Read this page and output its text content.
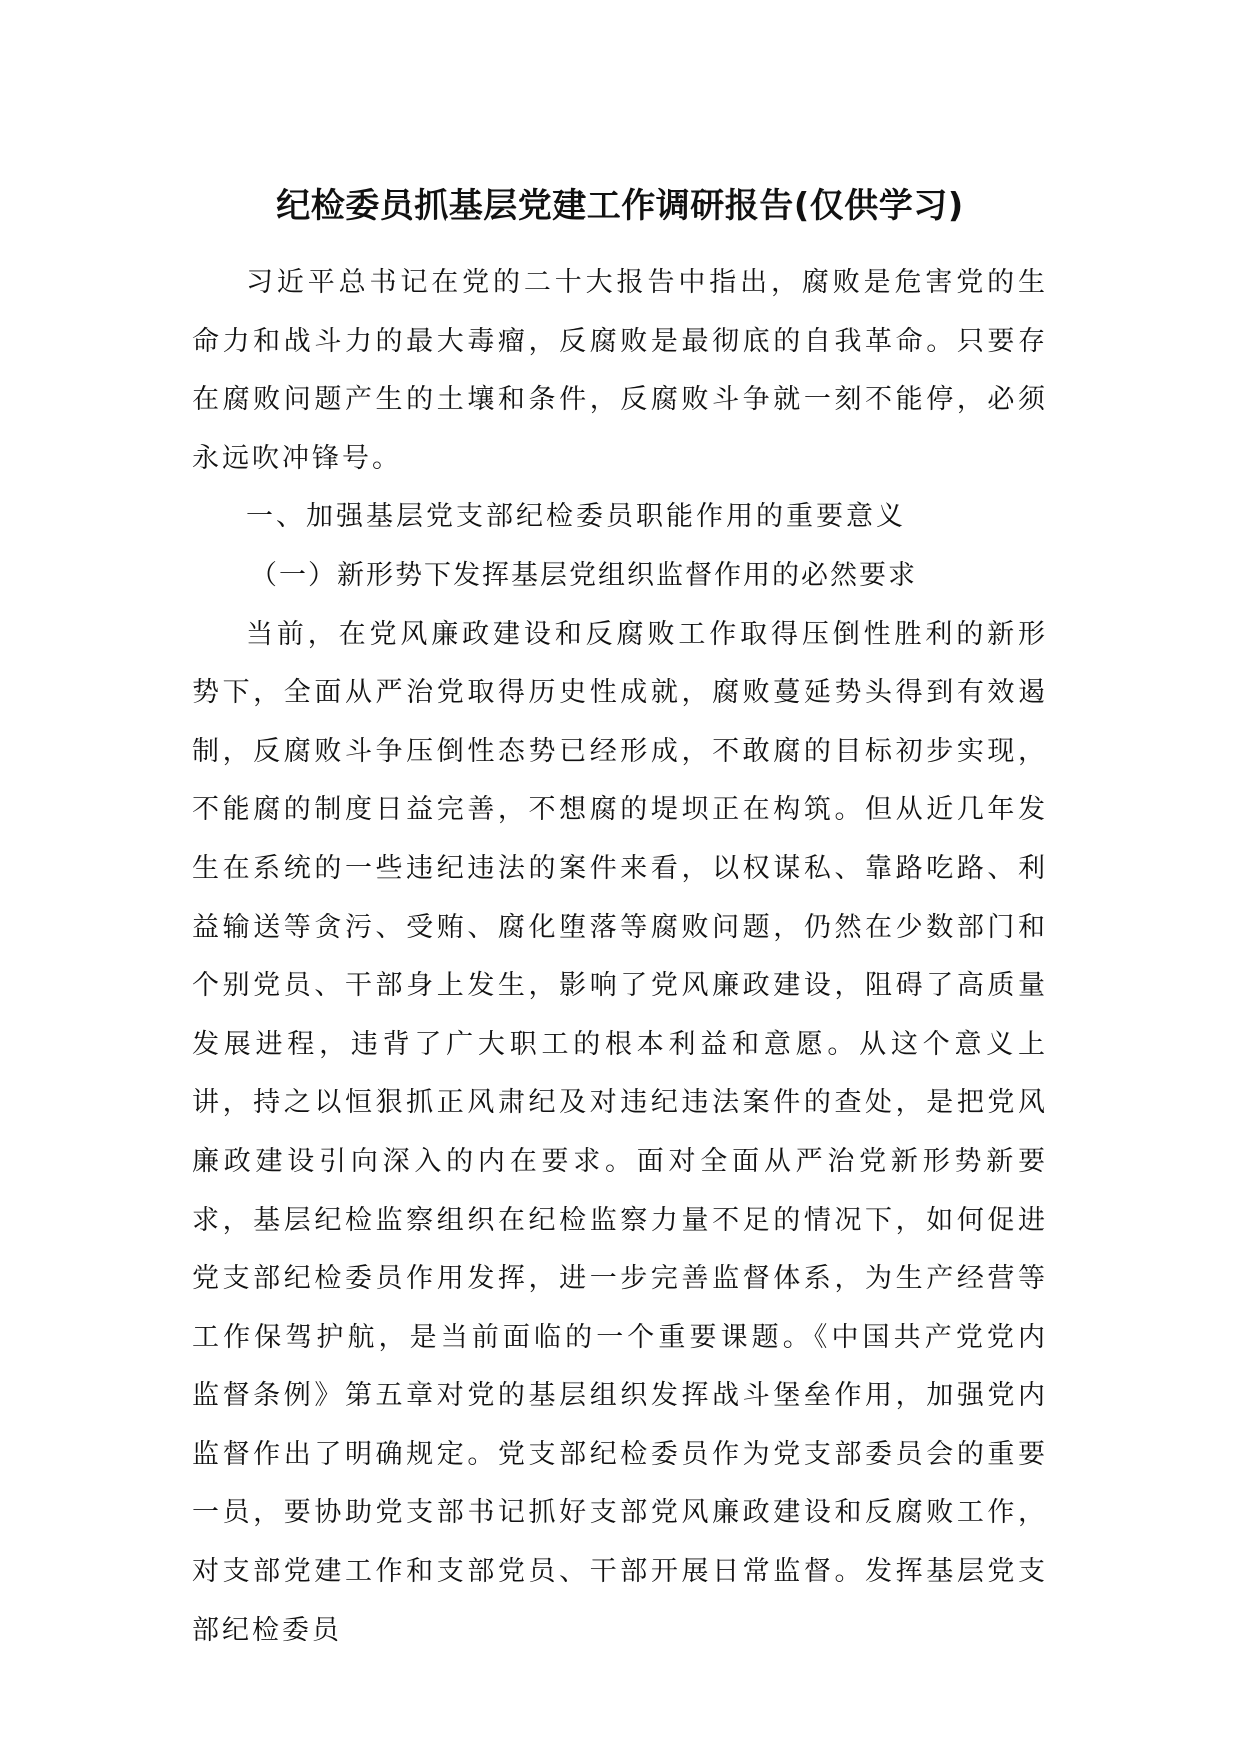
纪检委员抓基层党建工作调研报告(仅供学习)

习近平总书记在党的二十大报告中指出，腐败是危害党的生命力和战斗力的最大毒瘤，反腐败是最彻底的自我革命。只要存在腐败问题产生的土壤和条件，反腐败斗争就一刻不能停，必须永远吹冲锋号。

一、加强基层党支部纪检委员职能作用的重要意义

（一）新形势下发挥基层党组织监督作用的必然要求

当前，在党风廉政建设和反腐败工作取得压倒性胜利的新形势下，全面从严治党取得历史性成就，腐败蔓延势头得到有效遏制，反腐败斗争压倒性态势已经形成，不敢腐的目标初步实现，不能腐的制度日益完善，不想腐的堤坝正在构筑。但从近几年发生在系统的一些违纪违法的案件来看，以权谋私、靠路吃路、利益输送等贪污、受贿、腐化堕落等腐败问题，仍然在少数部门和个别党员、干部身上发生，影响了党风廉政建设，阻碍了高质量发展进程，违背了广大职工的根本利益和意愿。从这个意义上讲，持之以恒狠抓正风肃纪及对违纪违法案件的查处，是把党风廉政建设引向深入的内在要求。面对全面从严治党新形势新要求，基层纪检监察组织在纪检监察力量不足的情况下，如何促进党支部纪检委员作用发挥，进一步完善监督体系，为生产经营等工作保驾护航，是当前面临的一个重要课题。《中国共产党党内监督条例》第五章对党的基层组织发挥战斗堡垒作用，加强党内监督作出了明确规定。党支部纪检委员作为党支部委员会的重要一员，要协助党支部书记抓好支部党风廉政建设和反腐败工作，对支部党建工作和支部党员、干部开展日常监督。发挥基层党支部纪检委员
